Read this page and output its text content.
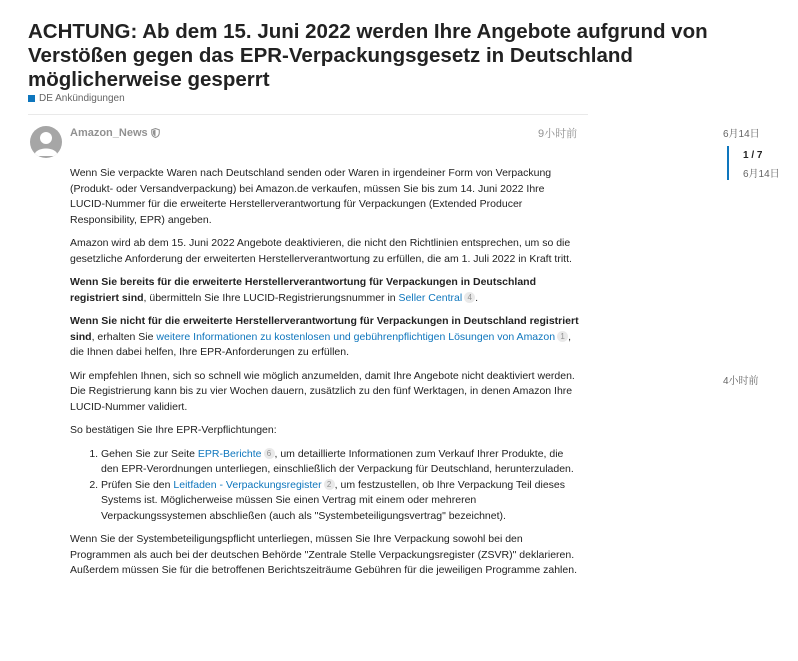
ACHTUNG: Ab dem 15. Juni 2022 werden Ihre Angebote aufgrund von Verstößen gegen das EPR-Verpackungsgesetz in Deutschland möglicherweise gesperrt
DE Ankündigungen
Amazon_News	9小时前

Wenn Sie verpackte Waren nach Deutschland senden oder Waren in irgendeiner Form von Verpackung (Produkt- oder Versandverpackung) bei Amazon.de verkaufen, müssen Sie bis zum 14. Juni 2022 Ihre LUCID-Nummer für die erweiterte Herstellerverantwortung für Verpackungen (Extended Producer Responsibility, EPR) angeben.

Amazon wird ab dem 15. Juni 2022 Angebote deaktivieren, die nicht den Richtlinien entsprechen, um so die gesetzliche Anforderung der erweiterten Herstellerverantwortung zu erfüllen, die am 1. Juli 2022 in Kraft tritt.

Wenn Sie bereits für die erweiterte Herstellerverantwortung für Verpackungen in Deutschland registriert sind, übermitteln Sie Ihre LUCID-Registrierungsnummer in Seller Central 4 .

Wenn Sie nicht für die erweiterte Herstellerverantwortung für Verpackungen in Deutschland registriert sind, erhalten Sie weitere Informationen zu kostenlosen und gebührenpflichtigen Lösungen von Amazon 1 , die Ihnen dabei helfen, Ihre EPR-Anforderungen zu erfüllen.

Wir empfehlen Ihnen, sich so schnell wie möglich anzumelden, damit Ihre Angebote nicht deaktiviert werden. Die Registrierung kann bis zu vier Wochen dauern, zusätzlich zu den fünf Werktagen, in denen Amazon Ihre LUCID-Nummer validiert.

So bestätigen Sie Ihre EPR-Verpflichtungen:

1. Gehen Sie zur Seite EPR-Berichte 6 , um detaillierte Informationen zum Verkauf Ihrer Produkte, die den EPR-Verordnungen unterliegen, einschließlich der Verpackung für Deutschland, herunterzuladen.
2. Prüfen Sie den Leitfaden - Verpackungsregister 2 , um festzustellen, ob Ihre Verpackung Teil dieses Systems ist. Möglicherweise müssen Sie einen Vertrag mit einem oder mehreren Verpackungssystemen abschließen (auch als "Systembeteiligungsvertrag" bezeichnet).

Wenn Sie der Systembeteiligungspflicht unterliegen, müssen Sie Ihre Verpackung sowohl bei den Programmen als auch bei der deutschen Behörde "Zentrale Stelle Verpackungsregister (ZSVR)" deklarieren. Außerdem müssen Sie für die betroffenen Berichtszeiträume Gebühren für die jeweiligen Programme zahlen.

6月14日
1 / 7
6月14日
4小时前
